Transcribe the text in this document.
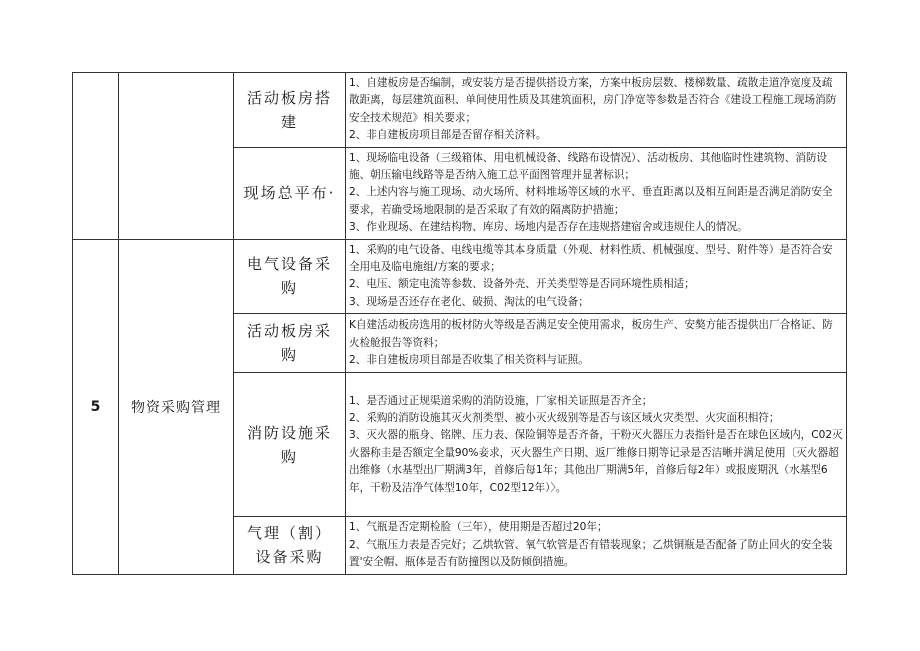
		活动板房搭建	1、自建板房是否编制，或安装方是否提供搭设方案，方案中板房层数、楼梯数量、疏散走道净宽度及疏散距离，每层建筑面积、单间使用性质及其建筑面积，房门净宽等参数是否符合《建设工程施工现场消防安全技术规范》相关要求；
2、非自建板房项目部是否留存相关济料。

		现场总平布·	1、现场临电设备（三级箱体、用电机械设备、线路布设情况）、活动板房、其他临时性建筑物、消防设施、朝压输电线路等是否纳入施工总平面图管理并显著标识；
2、上述内容与施工现场、动火场所、材料堆场等区域的水平、垂直距离以及相互间距是否满足消防安全要求，若确受场地限制的是否采取了有效的隔离防护措施；
3、作业现场、在建结构物、库房、场地内是否存在违规搭建宿舍或违规住人的情况。

5	物资采购管理	电气设备采购	1、采购的电气设备、电线电缆等其本身质量（外观、材料性质、机械强度、型号、附件等）是否符合安全用电及临电施组/方案的要求；
2、电压、额定电流等参数、设备外壳、开关类型等是否同环境性质相适；
3、现场是否还存在老化、破损、淘汰的电气设备；

		活动板房采购	K自建活动板房选用的板材防火等级是否满足安全使用需求，板房生产、安獒方能否提供出厂合格证、防火检舱报告等资料；
2、非自建板房项目部是否收集了相关资料与证照。

		消防设施采购	1、是否通过正规渠道采购的消防设施，厂家相关证照是否齐全；
2、采购的消防设施其灭火剂类型、被小灭火级别等是否与该区域火灾类型、火灾面积相符；
3、灭火器的瓶身、铭牌、压力表、保险铜等是否齐备，干粉灭火器压力表指针是否在球色区域内，C02灭火器称圭是否额定全量90%妾求，灭火器生产日期、返厂维修日期等记录是否洁晰并满足使用〔灭火器超出维修（水基型出厂期满3年，首修后每1年；其他出厂期满5年，首修后每2年）或报废期汎（水基型6年，干粉及洁净气体型10年，C02型12年）〉。

		气理（割）设备采购	1、气瓶是否定期检脸（三年），使用期是否超过20年；
2、气瓶压力表是否完好；乙烘软管、氧气软管是否有错装现象；乙烘铜瓶是否配备了防止回火的安全装置'安全帽、瓶体是否有防撞图以及防倾倒措施。
